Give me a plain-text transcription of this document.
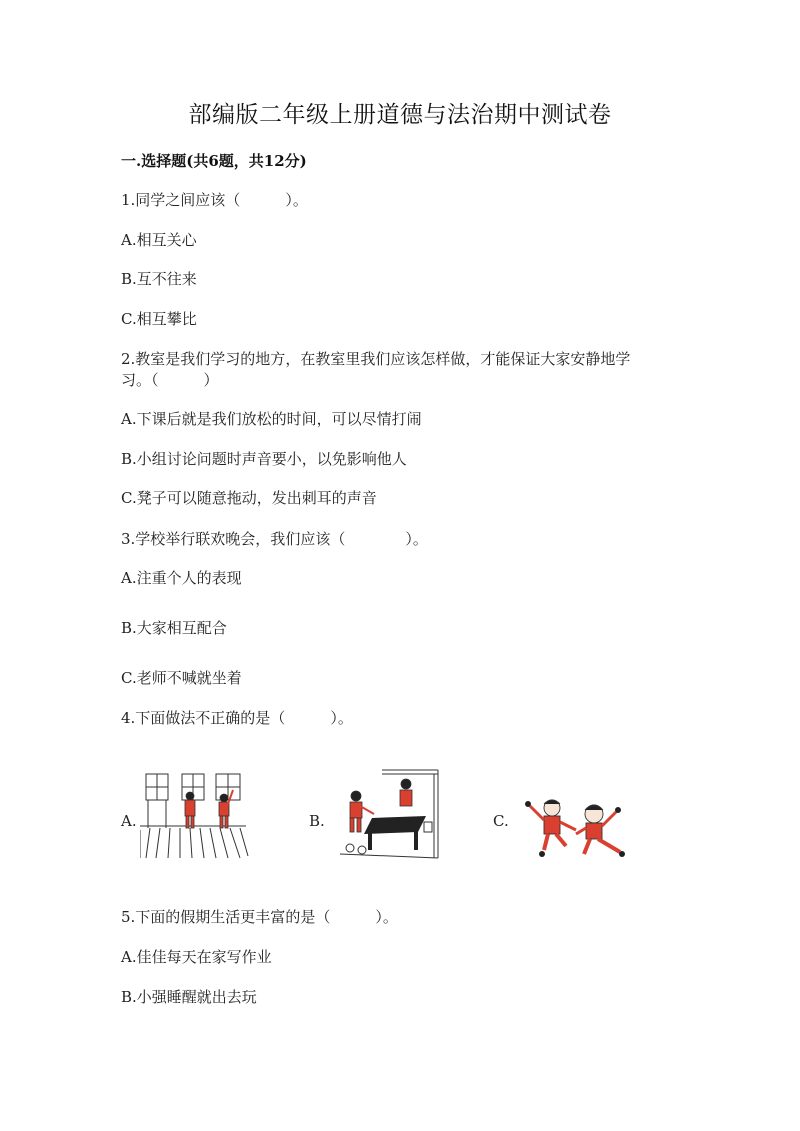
部编版二年级上册道德与法治期中测试卷
一.选择题(共6题，共12分)
1.同学之间应该（　　　）。
A.相互关心
B.互不往来
C.相互攀比
2.教室是我们学习的地方，在教室里我们应该怎样做，才能保证大家安静地学
习。（　　　）
A.下课后就是我们放松的时间，可以尽情打闹
B.小组讨论问题时声音要小，以免影响他人
C.凳子可以随意拖动，发出刺耳的声音
3.学校举行联欢晚会，我们应该（　　　　）。
A.注重个人的表现
B.大家相互配合
C.老师不喊就坐着
4.下面做法不正确的是（　　　）。
A.	B.	C.
5.下面的假期生活更丰富的是（　　　）。
A.佳佳每天在家写作业
B.小强睡醒就出去玩
